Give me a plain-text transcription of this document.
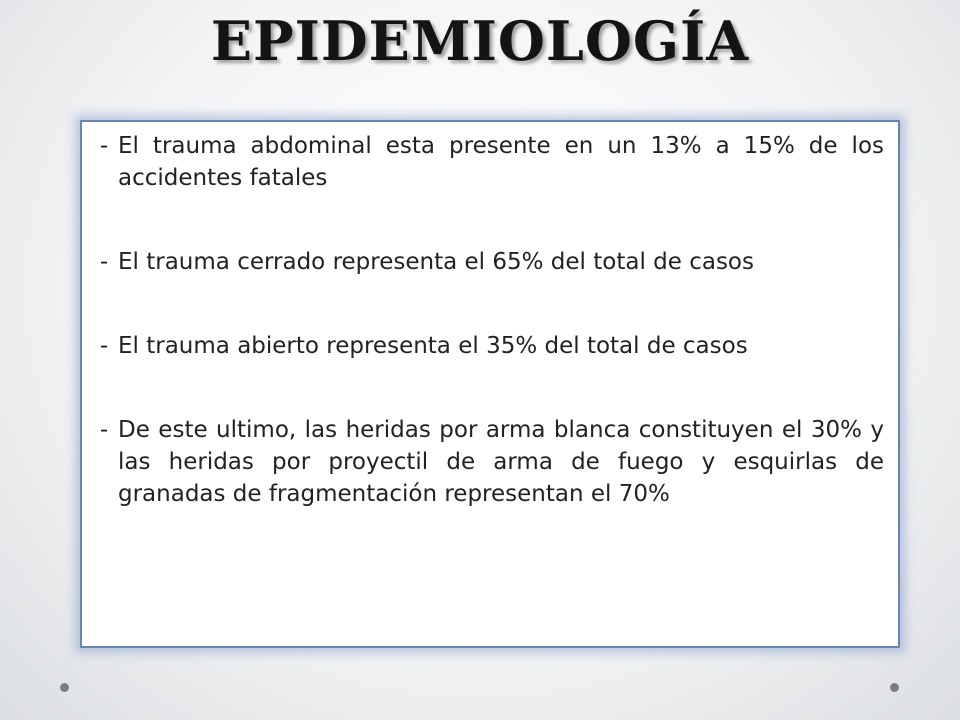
EPIDEMIOLOGÍA
- El trauma abdominal esta presente en un 13% a 15% de los accidentes fatales
- El trauma cerrado representa el 65% del total de casos
- El trauma abierto representa el 35% del total de casos
- De este ultimo, las heridas por arma blanca constituyen el 30% y las heridas por proyectil de arma de fuego y esquirlas de granadas de fragmentación representan el 70%
